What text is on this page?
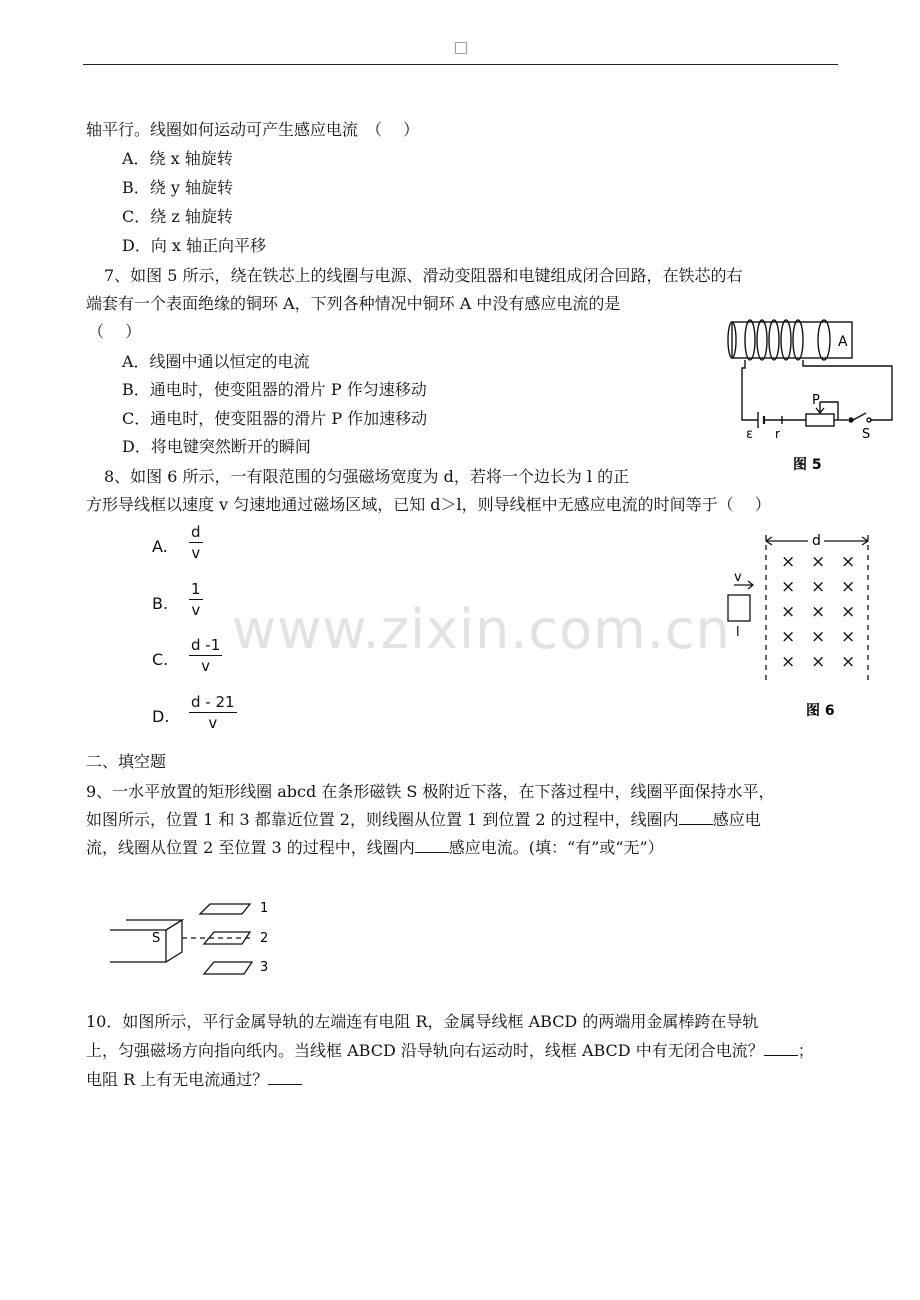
www.zixin.com.cn
轴平行。线圈如何运动可产生感应电流　（　 ）
A．绕 x 轴旋转
B．绕 y 轴旋转
C．绕 z 轴旋转
D．向 x 轴正向平移
7、如图 5 所示，绕在铁芯上的线圈与电源、滑动变阻器和电键组成闭合回路，在铁芯的右
端套有一个表面绝缘的铜环 A，下列各种情况中铜环 A 中没有感应电流的是
（　 ）
A．线圈中通以恒定的电流
B．通电时，使变阻器的滑片 P 作匀速移动
C．通电时，使变阻器的滑片 P 作加速移动
D．将电键突然断开的瞬间
A
ε r
P
S
图 5
8、如图 6 所示，一有限范围的匀强磁场宽度为 d，若将一个边长为 l 的正
方形导线框以速度 v 匀速地通过磁场区域，已知 d＞l，则导线框中无感应电流的时间等于（　 ）
A.
d
v
B.
1
v
C.
d -1
v
D.
d - 21
v
d
v
l
× × ×
× × ×
× × ×
× × ×
× × ×
图 6
二、填空题
9、一水平放置的矩形线圈 abcd 在条形磁铁 S 极附近下落，在下落过程中，线圈平面保持水平，
如图所示，位置 1 和 3 都靠近位置 2，则线圈从位置 1 到位置 2 的过程中，线圈内 感应电
流，线圈从位置 2 至位置 3 的过程中，线圈内 感应电流。(填：“有”或“无”）
S
1
2
3
10．如图所示，平行金属导轨的左端连有电阻 R，金属导线框 ABCD 的两端用金属棒跨在导轨
上，匀强磁场方向指向纸内。当线框 ABCD 沿导轨向右运动时，线框 ABCD 中有无闭合电流？ ；
电阻 R 上有无电流通过？
